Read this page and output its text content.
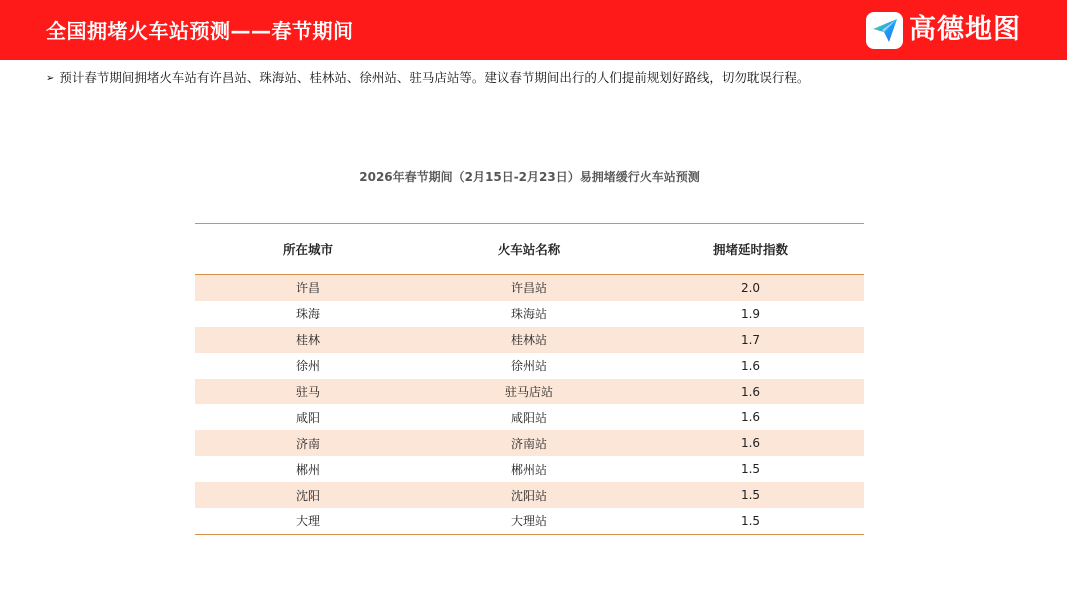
全国拥堵火车站预测——春节期间	高德地图
➢ 预计春节期间拥堵火车站有许昌站、珠海站、桂林站、徐州站、驻马店站等。建议春节期间出行的人们提前规划好路线，切勿耽误行程。
2026年春节期间（2月15日-2月23日）易拥堵缓行火车站预测
所在城市	火车站名称	拥堵延时指数
许昌	许昌站	2.0
珠海	珠海站	1.9
桂林	桂林站	1.7
徐州	徐州站	1.6
驻马	驻马店站	1.6
咸阳	咸阳站	1.6
济南	济南站	1.6
郴州	郴州站	1.5
沈阳	沈阳站	1.5
大理	大理站	1.5
